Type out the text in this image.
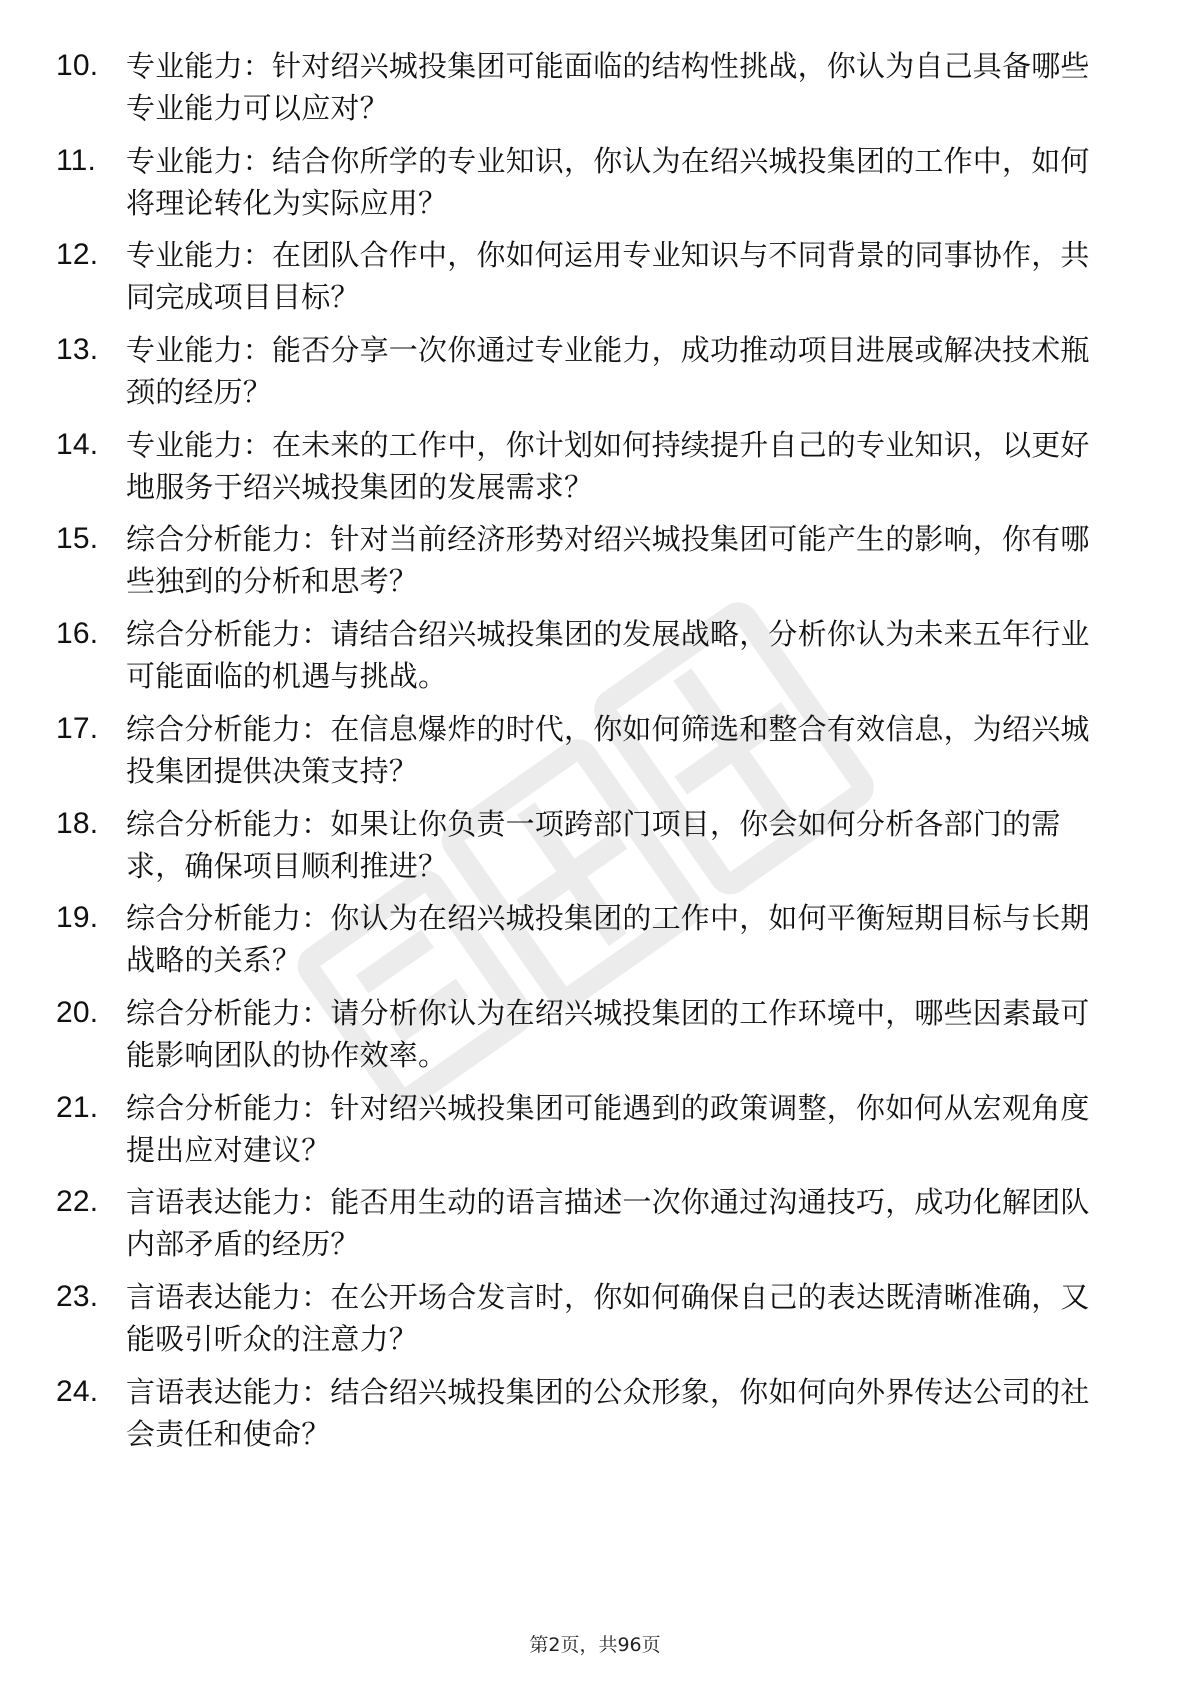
10. 专业能力：针对绍兴城投集团可能面临的结构性挑战，你认为自己具备哪些专业能力可以应对？
11.	专业能力：结合你所学的专业知识，你认为在绍兴城投集团的工作中，如何将理论转化为实际应用？
12. 专业能力：在团队合作中，你如何运用专业知识与不同背景的同事协作，共同完成项目目标？
13. 专业能力：能否分享一次你通过专业能力，成功推动项目进展或解决技术瓶颈的经历？
14. 专业能力：在未来的工作中，你计划如何持续提升自己的专业知识，以更好地服务于绍兴城投集团的发展需求？
15. 综合分析能力：针对当前经济形势对绍兴城投集团可能产生的影响，你有哪些独到的分析和思考？
16. 综合分析能力：请结合绍兴城投集团的发展战略，分析你认为未来五年行业可能面临的机遇与挑战。
17. 综合分析能力：在信息爆炸的时代，你如何筛选和整合有效信息，为绍兴城投集团提供决策支持？
18. 综合分析能力：如果让你负责一项跨部门项目，你会如何分析各部门的需求，确保项目顺利推进？
19. 综合分析能力：你认为在绍兴城投集团的工作中，如何平衡短期目标与长期战略的关系？
20. 综合分析能力：请分析你认为在绍兴城投集团的工作环境中，哪些因素最可能影响团队的协作效率。
21. 综合分析能力：针对绍兴城投集团可能遇到的政策调整，你如何从宏观角度提出应对建议？
22. 言语表达能力：能否用生动的语言描述一次你通过沟通技巧，成功化解团队内部矛盾的经历？
23. 言语表达能力：在公开场合发言时，你如何确保自己的表达既清晰准确，又能吸引听众的注意力？
24. 言语表达能力：结合绍兴城投集团的公众形象，你如何向外界传达公司的社会责任和使命？
第2页，共96页
